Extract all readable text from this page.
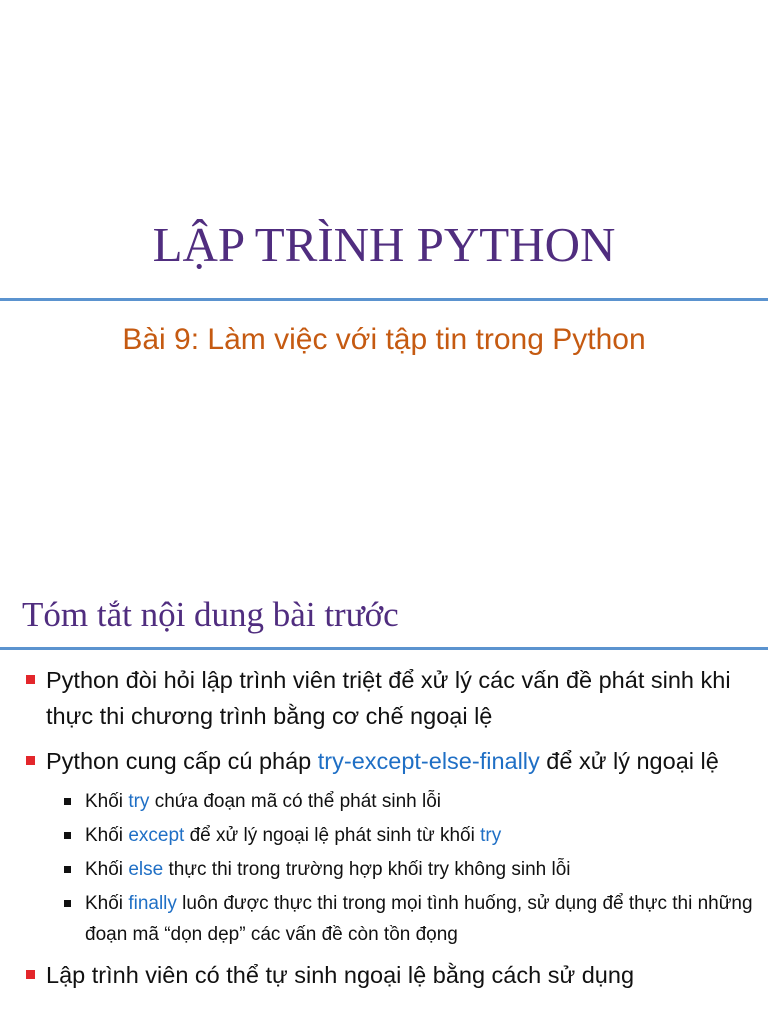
LẬP TRÌNH PYTHON
Bài 9: Làm việc với tập tin trong Python
Tóm tắt nội dung bài trước
Python đòi hỏi lập trình viên triệt để xử lý các vấn đề phát sinh khi thực thi chương trình bằng cơ chế ngoại lệ
Python cung cấp cú pháp try-except-else-finally để xử lý ngoại lệ
Khối try chứa đoạn mã có thể phát sinh lỗi
Khối except để xử lý ngoại lệ phát sinh từ khối try
Khối else thực thi trong trường hợp khối try không sinh lỗi
Khối finally luôn được thực thi trong mọi tình huống, sử dụng để thực thi những đoạn mã “dọn dẹp” các vấn đề còn tồn đọng
Lập trình viên có thể tự sinh ngoại lệ bằng cách sử dụng
